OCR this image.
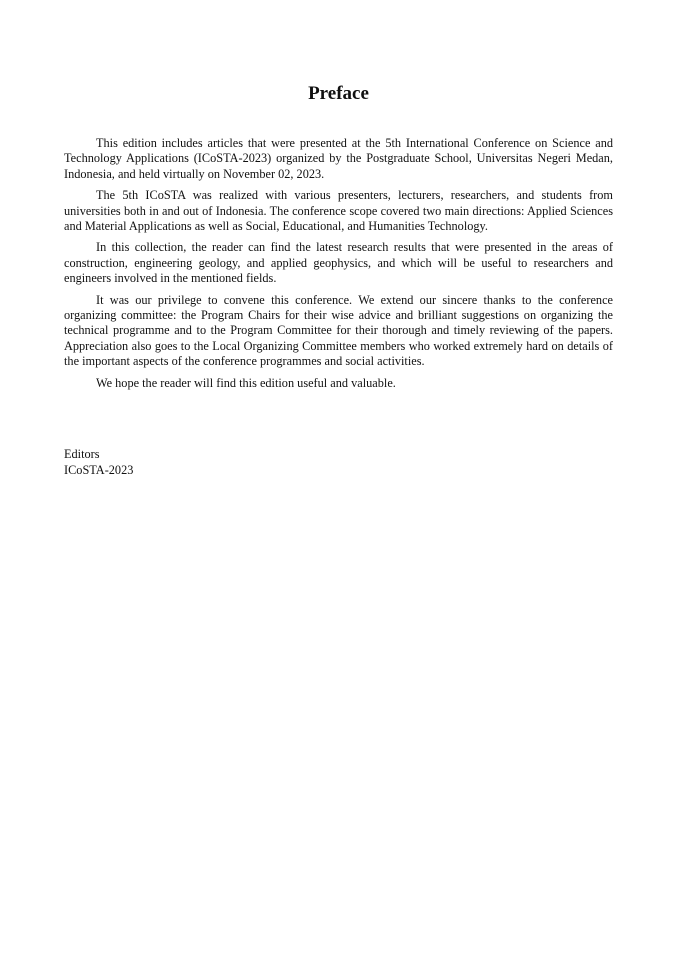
Preface

This edition includes articles that were presented at the 5th International Conference on Science and Technology Applications (ICoSTA-2023) organized by the Postgraduate School, Universitas Negeri Medan, Indonesia, and held virtually on November 02, 2023.

The 5th ICoSTA was realized with various presenters, lecturers, researchers, and students from universities both in and out of Indonesia. The conference scope covered two main directions: Applied Sciences and Material Applications as well as Social, Educational, and Humanities Technology.

In this collection, the reader can find the latest research results that were presented in the areas of construction, engineering geology, and applied geophysics, and which will be useful to researchers and engineers involved in the mentioned fields.

It was our privilege to convene this conference. We extend our sincere thanks to the conference organizing committee: the Program Chairs for their wise advice and brilliant suggestions on organizing the technical programme and to the Program Committee for their thorough and timely reviewing of the papers. Appreciation also goes to the Local Organizing Committee members who worked extremely hard on details of the important aspects of the conference programmes and social activities.

We hope the reader will find this edition useful and valuable.

Editors
ICoSTA-2023
